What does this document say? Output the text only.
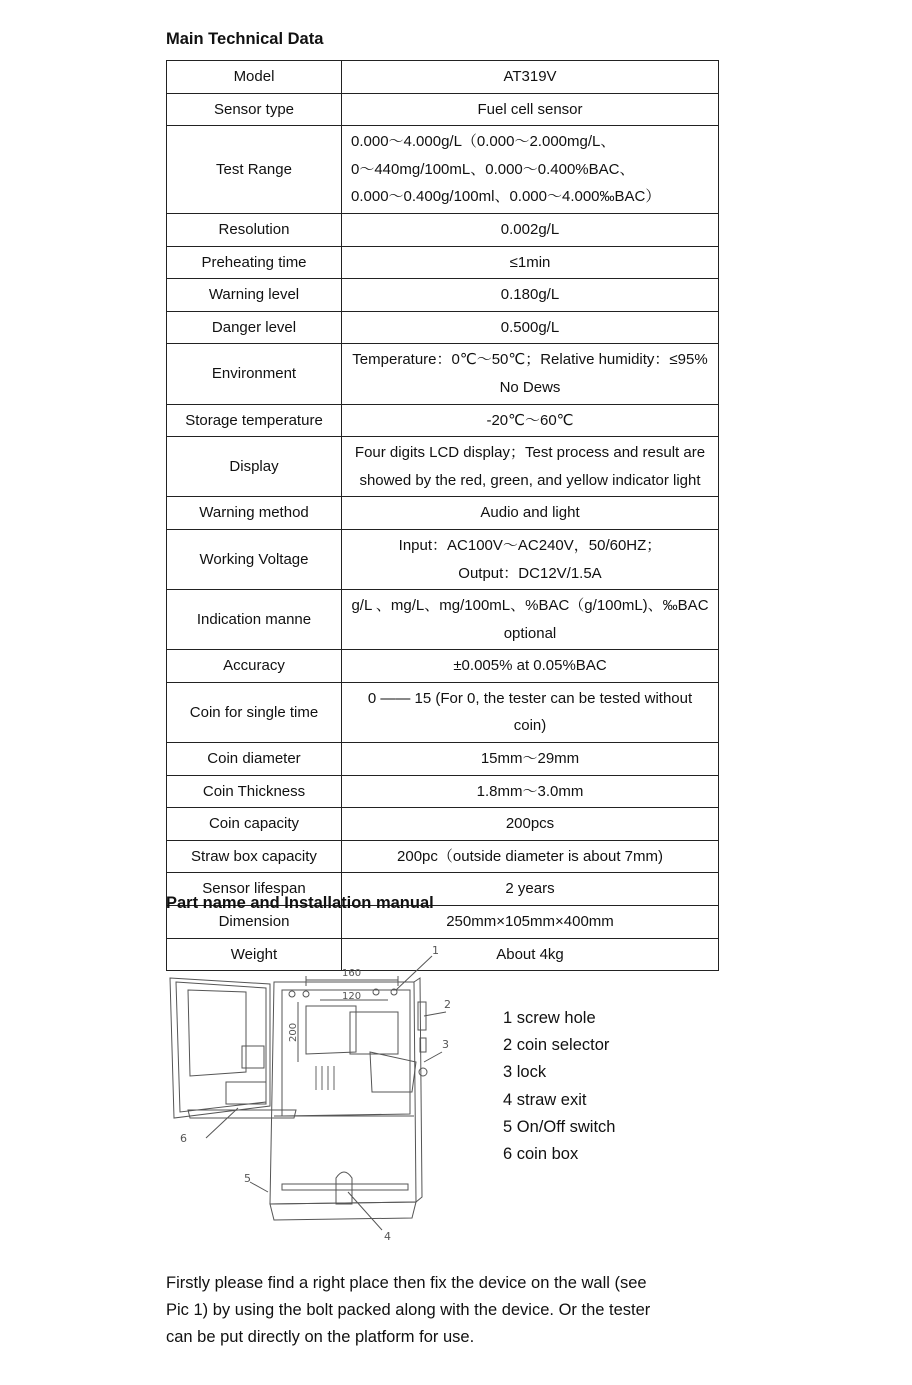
Main Technical Data
Model	AT319V
Sensor type	Fuel cell sensor
Test Range	0.000～4.000g/L（0.000～2.000mg/L、
0～440mg/100mL、0.000～0.400%BAC、
0.000～0.400g/100ml、0.000～4.000‰BAC）
Resolution	0.002g/L
Preheating time	≤1min
Warning level	0.180g/L
Danger level	0.500g/L
Environment	Temperature：0℃～50℃；Relative humidity：≤95%
No Dews
Storage temperature	-20℃～60℃
Display	Four digits LCD display；Test process and result are
showed by the red, green, and yellow indicator light
Warning method	Audio and light
Working Voltage	Input：AC100V～AC240V，50/60HZ；
Output：DC12V/1.5A
Indication manne	g/L 、mg/L、mg/100mL、%BAC（g/100mL)、‰BAC
optional
Accuracy	±0.005% at 0.05%BAC
Coin for single time	0 —— 15 (For 0, the tester can be tested without
coin)
Coin diameter	15mm～29mm
Coin Thickness	1.8mm～3.0mm
Coin capacity	200pcs
Straw box capacity	200pc（outside diameter is about 7mm)
Sensor lifespan	2 years
Dimension	250mm×105mm×400mm
Weight	About 4kg
Part name and Installation manual
160
120
200
1
2
3
4
5
6
1 screw hole
2 coin selector
3 lock
4 straw exit
5 On/Off switch
6 coin box

Firstly please find a right place then fix the device on the wall (see
Pic 1) by using the bolt packed along with the device. Or the tester
can be put directly on the platform for use.
